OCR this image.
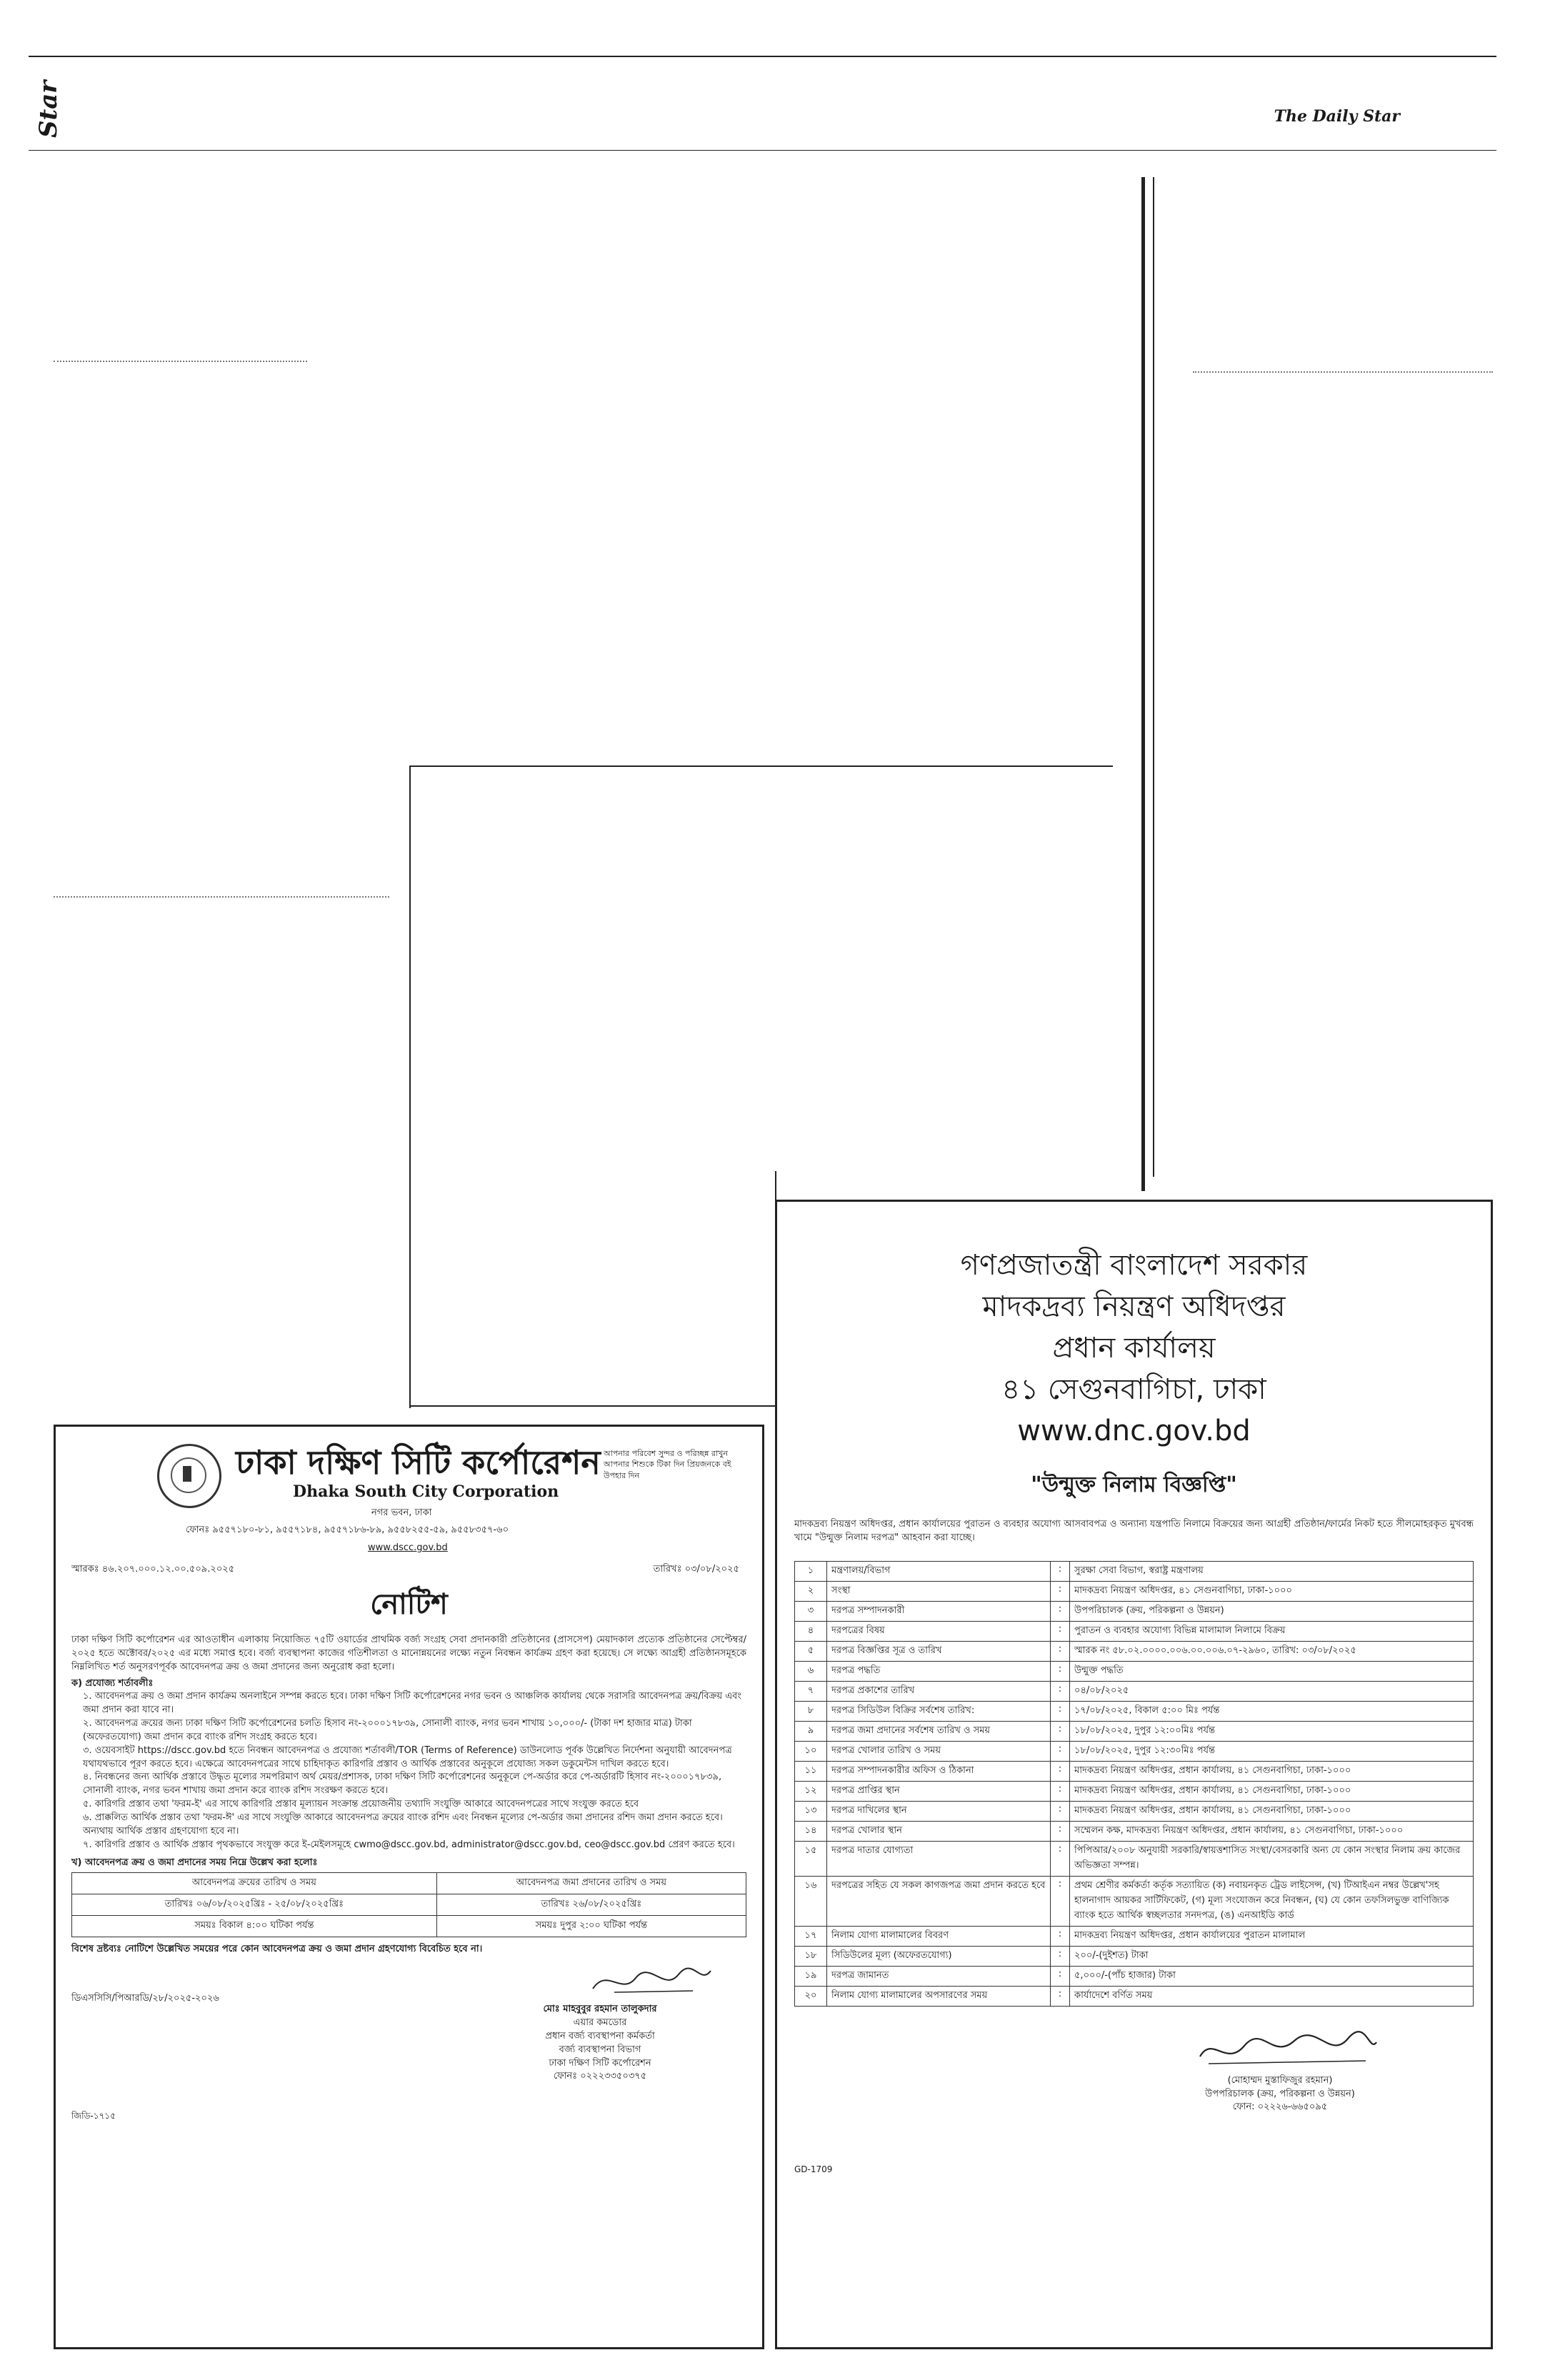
Star	The Daily Star
ঢাকা দক্ষিণ সিটি কর্পোরেশন
Dhaka South City Corporation
আপনার পরিবেশ সুন্দর ও পরিচ্ছন্ন রাখুন আপনার শিশুকে টিকা দিন প্রিয়জনকে বই উপহার দিন
নগর ভবন, ঢাকা
ফোনঃ ৯৫৫৭১৮০-৮১, ৯৫৫৭১৮৪, ৯৫৫৭১৮৬-৮৯, ৯৫৫৮২৫৫-৫৯, ৯৫৫৮৩৫৭-৬০
www.dscc.gov.bd
স্মারকঃ ৪৬.২০৭.০০০.১২.০০.৫০৯.২০২৫	তারিখঃ ০৩/০৮/২০২৫
নোটিশ
ঢাকা দক্ষিণ সিটি কর্পোরেশন এর আওতাধীন এলাকায় নিয়োজিত ৭৫টি ওয়ার্ডের প্রাথমিক বর্জ্য সংগ্রহ সেবা প্রদানকারী প্রতিষ্ঠানের (প্রাসসেপ) মেয়াদকাল প্রত্যেক প্রতিষ্ঠানের সেপ্টেম্বর/২০২৫ হতে অক্টোবর/২০২৫ এর মধ্যে সমাপ্ত হবে। বর্জ্য ব্যবস্থাপনা কাজের গতিশীলতা ও মানোন্নয়নের লক্ষ্যে নতুন নিবন্ধন কার্যক্রম গ্রহণ করা হয়েছে। সে লক্ষ্যে আগ্রহী প্রতিষ্ঠানসমূহকে নিম্নলিখিত শর্ত অনুসরণপূর্বক আবেদনপত্র ক্রয় ও জমা প্রদানের জন্য অনুরোধ করা হলো।
ক) প্রযোজ্য শর্তাবলীঃ
১. আবেদনপত্র ক্রয় ও জমা প্রদান কার্যক্রম অনলাইনে সম্পন্ন করতে হবে। ঢাকা দক্ষিণ সিটি কর্পোরেশনের নগর ভবন ও আঞ্চলিক কার্যালয় থেকে সরাসরি আবেদনপত্র ক্রয়/বিক্রয় এবং জমা প্রদান করা যাবে না।
২. আবেদনপত্র ক্রয়ের জন্য ঢাকা দক্ষিণ সিটি কর্পোরেশনের চলতি হিসাব নং-২০০০১৭৮৩৯, সোনালী ব্যাংক, নগর ভবন শাখায় ১০,০০০/- (টাকা দশ হাজার মাত্র) টাকা (অফেরতযোগ্য) জমা প্রদান করে ব্যাংক রশিদ সংগ্রহ করতে হবে।
৩. ওয়েবসাইট https://dscc.gov.bd হতে নিবন্ধন আবেদনপত্র ও প্রযোজ্য শর্তাবলী/TOR (Terms of Reference) ডাউনলোড পূর্বক উল্লেখিত নির্দেশনা অনুযায়ী আবেদনপত্র যথাযথভাবে পূরণ করতে হবে। এক্ষেত্রে আবেদনপত্রের সাথে চাহিদাকৃত কারিগরি প্রস্তাব ও আর্থিক প্রস্তাবের অনুকূলে প্রযোজ্য সকল ডকুমেন্টস দাখিল করতে হবে।
৪. নিবন্ধনের জন্য আর্থিক প্রস্তাবে উদ্ধৃত মূল্যের সমপরিমাণ অর্থ মেয়র/প্রশাসক, ঢাকা দক্ষিণ সিটি কর্পোরেশনের অনুকূলে পে-অর্ডার করে পে-অর্ডারটি হিসাব নং-২০০০১৭৮৩৯, সোনালী ব্যাংক, নগর ভবন শাখায় জমা প্রদান করে ব্যাংক রশিদ সংরক্ষণ করতে হবে।
৫. কারিগরি প্রস্তাব তথা 'ফরম-ই' এর সাথে কারিগরি প্রস্তাব মূল্যায়ন সংক্রান্ত প্রয়োজনীয় তথ্যাদি সংযুক্তি আকারে আবেদনপত্রের সাথে সংযুক্ত করতে হবে
৬. প্রাক্কলিত আর্থিক প্রস্তাব তথা 'ফরম-ঈ' এর সাথে সংযুক্তি আকারে আবেদনপত্র ক্রয়ের ব্যাংক রশিদ এবং নিবন্ধন মূল্যের পে-অর্ডার জমা প্রদানের রশিদ জমা প্রদান করতে হবে। অন্যথায় আর্থিক প্রস্তাব গ্রহণযোগ্য হবে না।
৭. কারিগরি প্রস্তাব ও আর্থিক প্রস্তাব পৃথকভাবে সংযুক্ত করে ই-মেইলসমূহে cwmo@dscc.gov.bd, administrator@dscc.gov.bd, ceo@dscc.gov.bd প্রেরণ করতে হবে।
খ) আবেদনপত্র ক্রয় ও জমা প্রদানের সময় নিম্নে উল্লেখ করা হলোঃ
আবেদনপত্র ক্রয়ের তারিখ ও সময়	আবেদনপত্র জমা প্রদানের তারিখ ও সময়
তারিখঃ ০৬/০৮/২০২৫খ্রিঃ - ২৫/০৮/২০২৫খ্রিঃ	তারিখঃ ২৬/০৮/২০২৫খ্রিঃ
সময়ঃ বিকাল ৪:০০ ঘটিকা পর্যন্ত	সময়ঃ দুপুর ২:০০ ঘটিকা পর্যন্ত
বিশেষ দ্রষ্টব্যঃ নোটিশে উল্লেখিত সময়ের পরে কোন আবেদনপত্র ক্রয় ও জমা প্রদান গ্রহণযোগ্য বিবেচিত হবে না।
ডিএসসিসি/পিআরডি/২৮/২০২৫-২০২৬
মোঃ মাহবুবুর রহমান তালুকদার
এয়ার কমডোর
প্রধান বর্জ্য ব্যবস্থাপনা কর্মকর্তা
বর্জ্য ব্যবস্থাপনা বিভাগ
ঢাকা দক্ষিণ সিটি কর্পোরেশন
ফোনঃ ০২২২৩৩৫০৩৭৫
জিডি-১৭১৫
গণপ্রজাতন্ত্রী বাংলাদেশ সরকার
মাদকদ্রব্য নিয়ন্ত্রণ অধিদপ্তর
প্রধান কার্যালয়
৪১ সেগুনবাগিচা, ঢাকা
www.dnc.gov.bd
"উন্মুক্ত নিলাম বিজ্ঞপ্তি"
মাদকদ্রব্য নিয়ন্ত্রণ অধিদপ্তর, প্রধান কার্যালয়ের পুরাতন ও ব্যবহার অযোগ্য আসবাবপত্র ও অন্যান্য যন্ত্রপাতি নিলামে বিক্রয়ের জন্য আগ্রহী প্রতিষ্ঠান/ফার্মের নিকট হতে সীলমোহরকৃত মুখবন্ধ খামে "উন্মুক্ত নিলাম দরপত্র" আহবান করা যাচ্ছে।
১	মন্ত্রণালয়/বিভাগ	:	সুরক্ষা সেবা বিভাগ, স্বরাষ্ট্র মন্ত্রণালয়
২	সংস্থা	:	মাদকদ্রব্য নিয়ন্ত্রণ অধিদপ্তর, ৪১ সেগুনবাগিচা, ঢাকা-১০০০
৩	দরপত্র সম্পাদনকারী	:	উপপরিচালক (ক্রয়, পরিকল্পনা ও উন্নয়ন)
৪	দরপত্রের বিষয়	:	পুরাতন ও ব্যবহার অযোগ্য বিভিন্ন মালামাল নিলামে বিক্রয়
৫	দরপত্র বিজ্ঞপ্তির সূত্র ও তারিখ	:	স্মারক নং ৫৮.০২.০০০০.০০৬.০০.০০৬.০৭-২৯৬০, তারিখ: ০৩/০৮/২০২৫
৬	দরপত্র পদ্ধতি	:	উন্মুক্ত পদ্ধতি
৭	দরপত্র প্রকাশের তারিখ	:	০৪/০৮/২০২৫
৮	দরপত্র সিডিউল বিক্রির সর্বশেষ তারিখ:	:	১৭/০৮/২০২৫, বিকাল ৫:০০ মিঃ পর্যন্ত
৯	দরপত্র জমা প্রদানের সর্বশেষ তারিখ ও সময়	:	১৮/০৮/২০২৫, দুপুর ১২:০০মিঃ পর্যন্ত
১০	দরপত্র খোলার তারিখ ও সময়	:	১৮/০৮/২০২৫, দুপুর ১২:৩০মিঃ পর্যন্ত
১১	দরপত্র সম্পাদনকারীর অফিস ও ঠিকানা	:	মাদকদ্রব্য নিয়ন্ত্রণ অধিদপ্তর, প্রধান কার্যালয়, ৪১ সেগুনবাগিচা, ঢাকা-১০০০
১২	দরপত্র প্রাপ্তির স্থান	:	মাদকদ্রব্য নিয়ন্ত্রণ অধিদপ্তর, প্রধান কার্যালয়, ৪১ সেগুনবাগিচা, ঢাকা-১০০০
১৩	দরপত্র দাখিলের স্থান	:	মাদকদ্রব্য নিয়ন্ত্রণ অধিদপ্তর, প্রধান কার্যালয়, ৪১ সেগুনবাগিচা, ঢাকা-১০০০
১৪	দরপত্র খোলার স্থান	:	সম্মেলন কক্ষ, মাদকদ্রব্য নিয়ন্ত্রণ অধিদপ্তর, প্রধান কার্যালয়, ৪১ সেগুনবাগিচা, ঢাকা-১০০০
১৫	দরপত্র দাতার যোগ্যতা	:	পিপিআর/২০০৮ অনুযায়ী সরকারি/স্বায়ত্তশাসিত সংস্থা/বেসরকারি অন্য যে কোন সংস্থার নিলাম ক্রয় কাজের অভিজ্ঞতা সম্পন্ন।
১৬	দরপত্রের সহিত যে সকল কাগজপত্র জমা প্রদান করতে হবে	:	প্রথম শ্রেণীর কর্মকর্তা কর্তৃক সত্যায়িত (ক) নবায়নকৃত ট্রেড লাইসেন্স, (খ) টিআইএন নম্বর উল্লেখ'সহ হালনাগাদ আয়কর সার্টিফিকেট, (গ) মূল্য সংযোজন করে নিবন্ধন, (ঘ) যে কোন তফসিলভুক্ত বাণিজ্যিক ব্যাংক হতে আর্থিক স্বচ্ছলতার সনদপত্র, (ঙ) এনআইডি কার্ড
১৭	নিলাম যোগ্য মালামালের বিবরণ	:	মাদকদ্রব্য নিয়ন্ত্রণ অধিদপ্তর, প্রধান কার্যালয়ের পুরাতন মালামাল
১৮	সিডিউলের মূল্য (অফেরতযোগ্য)	:	২০০/-(দুইশত) টাকা
১৯	দরপত্র জামানত	:	৫,০০০/-(পাঁচ হাজার) টাকা
২০	নিলাম যোগ্য মালামালের অপসারণের সময়	:	কার্যাদেশে বর্ণিত সময়
(মোহাম্মদ মুস্তাফিজুর রহমান)
উপপরিচালক (ক্রয়, পরিকল্পনা ও উন্নয়ন)
ফোন: ০২২২৬-৬৬৫০৯৫
GD-1709
